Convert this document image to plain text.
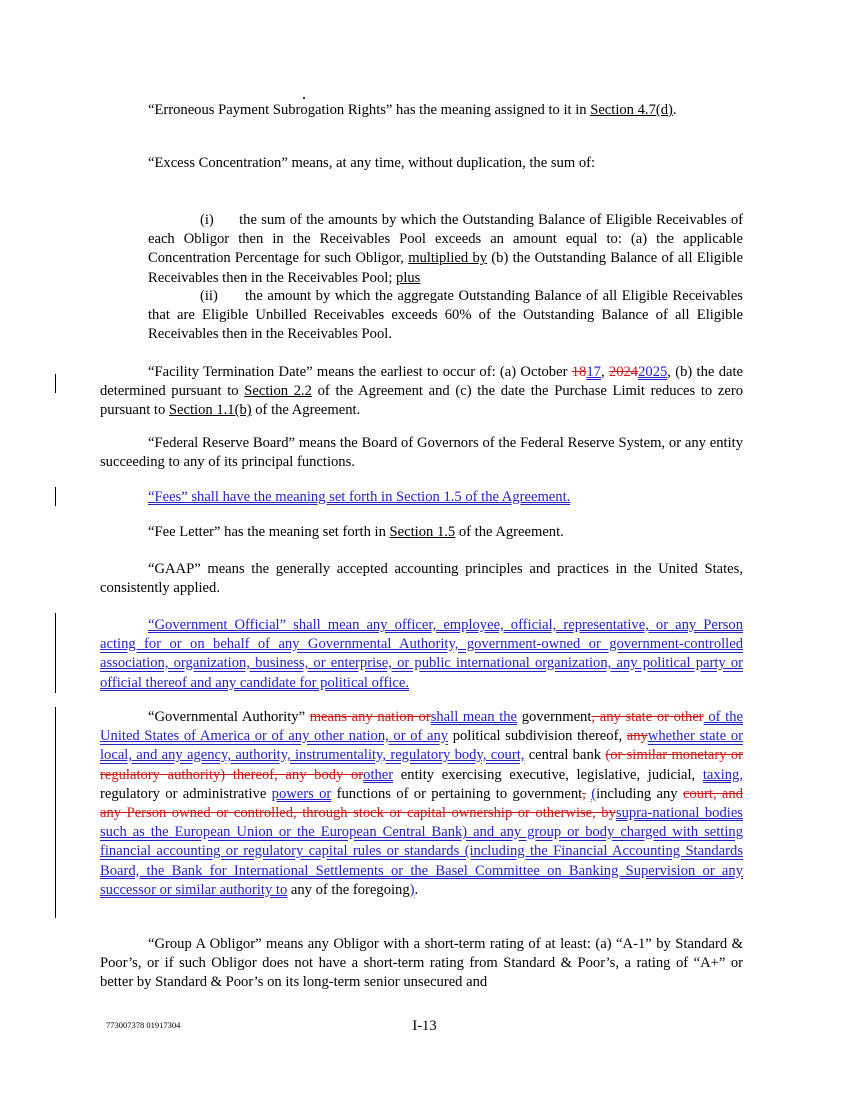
“Erroneous Payment Subrogation Rights” has the meaning assigned to it in Section 4.7(d).

“Excess Concentration” means, at any time, without duplication, the sum of:

(i)      the sum of the amounts by which the Outstanding Balance of Eligible Receivables of each Obligor then in the Receivables Pool exceeds an amount equal to: (a) the applicable Concentration Percentage for such Obligor, multiplied by (b) the Outstanding Balance of all Eligible Receivables then in the Receivables Pool; plus

(ii)      the amount by which the aggregate Outstanding Balance of all Eligible Receivables that are Eligible Unbilled Receivables exceeds 60% of the Outstanding Balance of all Eligible Receivables then in the Receivables Pool.

“Facility Termination Date” means the earliest to occur of: (a) October 1817, 20242025, (b) the date determined pursuant to Section 2.2 of the Agreement and (c) the date the Purchase Limit reduces to zero pursuant to Section 1.1(b) of the Agreement.

“Federal Reserve Board” means the Board of Governors of the Federal Reserve System, or any entity succeeding to any of its principal functions.

“Fees” shall have the meaning set forth in Section 1.5 of the Agreement.

“Fee Letter” has the meaning set forth in Section 1.5 of the Agreement.

“GAAP” means the generally accepted accounting principles and practices in the United States, consistently applied.

“Government Official” shall mean any officer, employee, official, representative, or any Person acting for or on behalf of any Governmental Authority, government-owned or government-controlled association, organization, business, or enterprise, or public international organization, any political party or official thereof and any candidate for political office.

“Governmental Authority” means any nation orshall mean the government, any state or other of the United States of America or of any other nation, or of any political subdivision thereof, anywhether state or local, and any agency, authority, instrumentality, regulatory body, court, central bank (or similar monetary or regulatory authority) thereof, any body orother entity exercising executive, legislative, judicial, taxing, regulatory or administrative powers or functions of or pertaining to government, (including any court, and any Person owned or controlled, through stock or capital ownership or otherwise, bysupra-national bodies such as the European Union or the European Central Bank) and any group or body charged with setting financial accounting or regulatory capital rules or standards (including the Financial Accounting Standards Board, the Bank for International Settlements or the Basel Committee on Banking Supervision or any successor or similar authority to any of the foregoing).

“Group A Obligor” means any Obligor with a short-term rating of at least: (a) “A-1” by Standard & Poor’s, or if such Obligor does not have a short-term rating from Standard & Poor’s, a rating of “A+” or better by Standard & Poor’s on its long-term senior unsecured and

773007378 01917304	I-13
